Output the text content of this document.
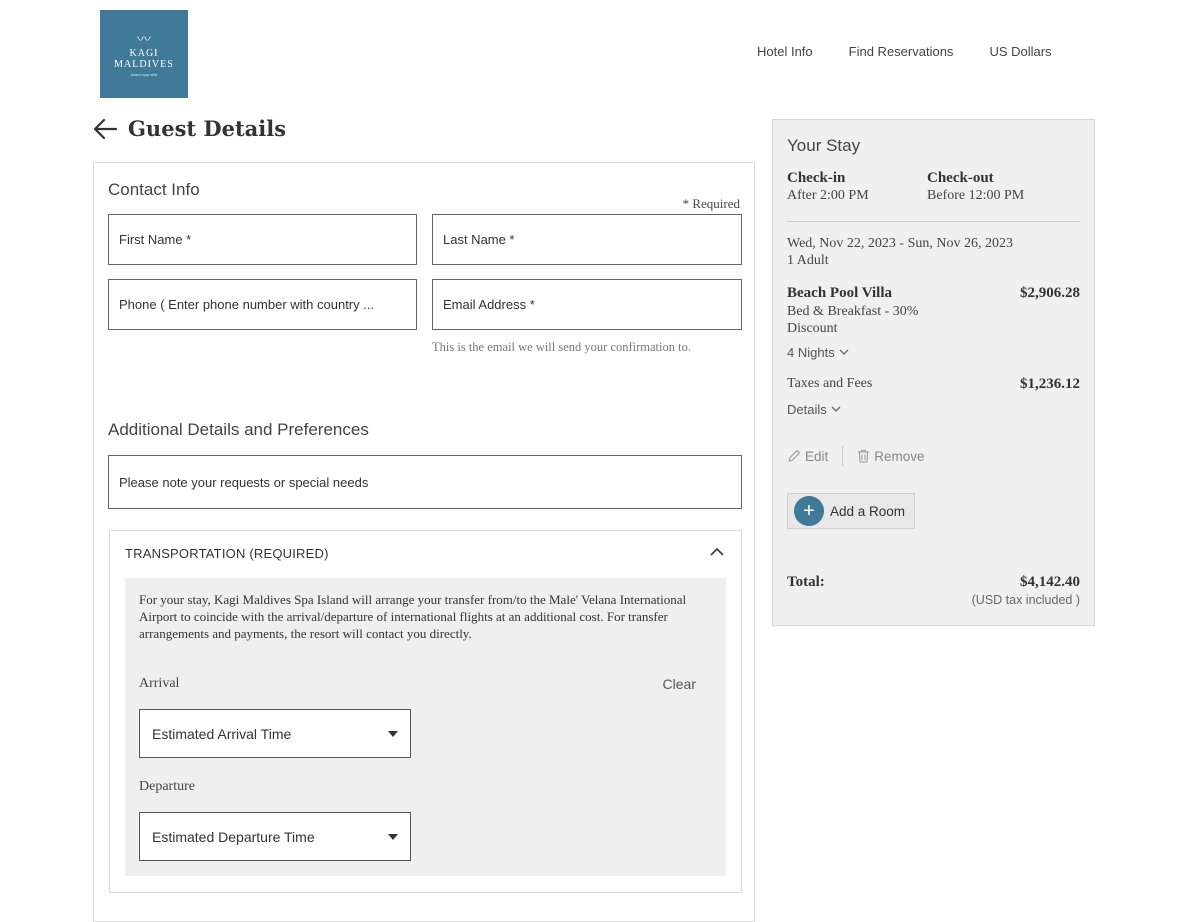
〰
KAGI
MALDIVES
Island spa villa
Hotel Info	Find Reservations	US Dollars
Guest Details
Contact Info
* Required
First Name *	Last Name *
Phone ( Enter phone number with country ...	Email Address *
This is the email we will send your confirmation to.
Additional Details and Preferences
Please note your requests or special needs
TRANSPORTATION (REQUIRED)
For your stay, Kagi Maldives Spa Island will arrange your transfer from/to the Male' Velana International Airport to coincide with the arrival/departure of international flights at an additional cost. For transfer arrangements and payments, the resort will contact you directly.
Arrival	Clear
Estimated Arrival Time
Departure
Estimated Departure Time
Your Stay
Check-in
After 2:00 PM
Check-out
Before 12:00 PM
Wed, Nov 22, 2023 - Sun, Nov 26, 2023
1 Adult
Beach Pool Villa	$2,906.28
Bed & Breakfast - 30% Discount
4 Nights
Taxes and Fees	$1,236.12
Details
Edit	Remove
+	Add a Room
Total:	$4,142.40
(USD tax included )
